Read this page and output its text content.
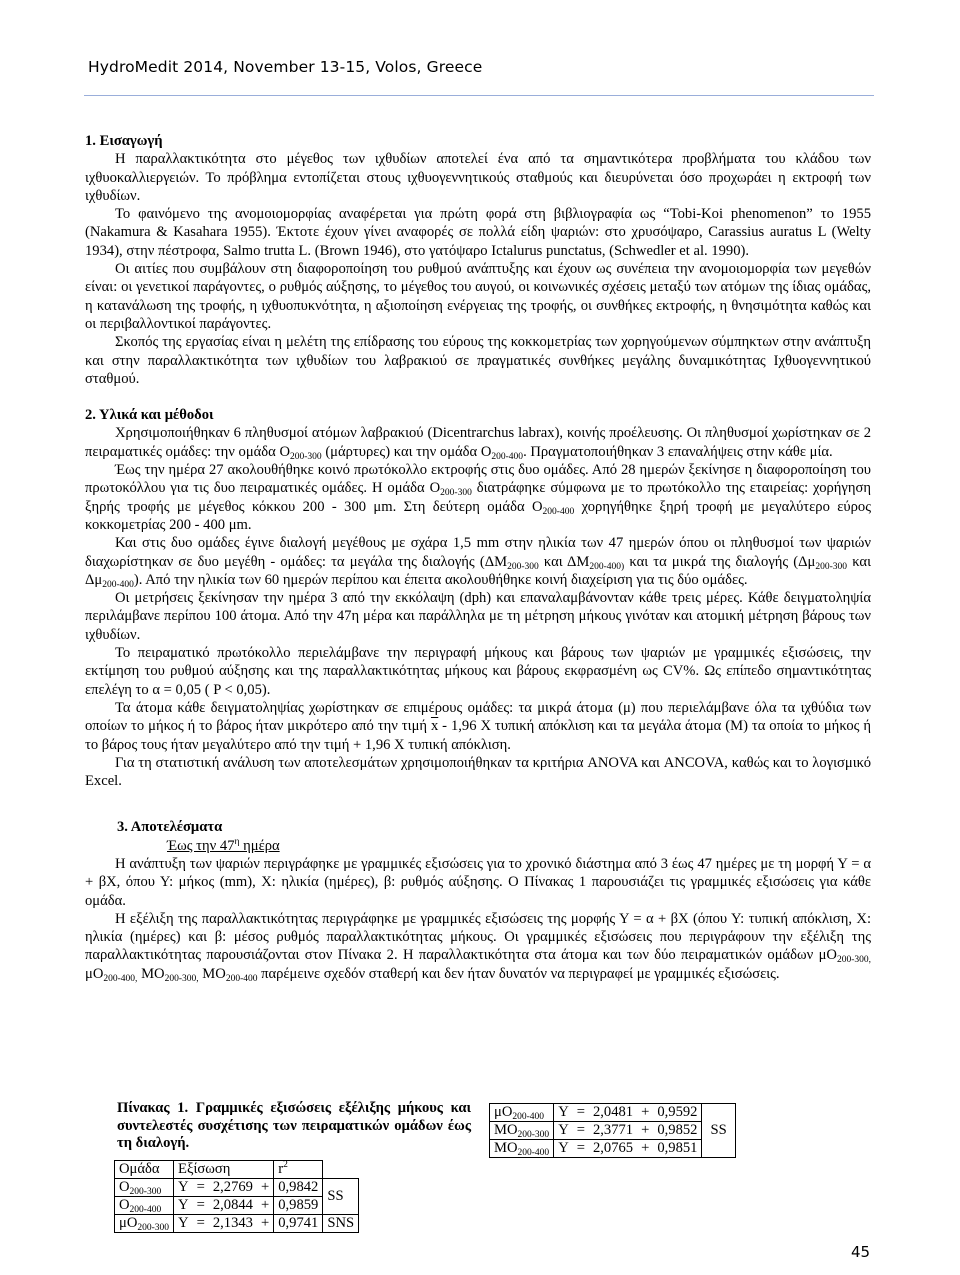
HydroMedit 2014, November 13-15, Volos, Greece

1. Εισαγωγή

Η παραλλακτικότητα στο μέγεθος των ιχθυδίων αποτελεί ένα από τα σημαντικότερα προβλήματα του κλάδου των ιχθυοκαλλιεργειών. Το πρόβλημα εντοπίζεται στους ιχθυογεννητικούς σταθμούς και διευρύνεται όσο προχωράει η εκτροφή των ιχθυδίων.

Το φαινόμενο της ανομοιομορφίας αναφέρεται για πρώτη φορά στη βιβλιογραφία ως “Tobi-Koi phenomenon” το 1955 (Nakamura & Kasahara 1955). Έκτοτε έχουν γίνει αναφορές σε πολλά είδη ψαριών: στο χρυσόψαρο, Carassius auratus L (Welty 1934), στην πέστροφα, Salmo trutta L. (Brown 1946), στο γατόψαρο Ictalurus punctatus, (Schwedler et al. 1990).

Οι αιτίες που συμβάλουν στη διαφοροποίηση του ρυθμού ανάπτυξης και έχουν ως συνέπεια την ανομοιομορφία των μεγεθών είναι: οι γενετικοί παράγοντες, ο ρυθμός αύξησης, το μέγεθος του αυγού, οι κοινωνικές σχέσεις μεταξύ των ατόμων της ίδιας ομάδας, η κατανάλωση της τροφής, η ιχθυοπυκνότητα, η αξιοποίηση ενέργειας της τροφής, οι συνθήκες εκτροφής, η θνησιμότητα καθώς και οι περιβαλλοντικοί παράγοντες.

Σκοπός της εργασίας είναι η μελέτη της επίδρασης του εύρους της κοκκομετρίας των χορηγούμενων σύμπηκτων στην ανάπτυξη και στην παραλλακτικότητα των ιχθυδίων του λαβρακιού σε πραγματικές συνθήκες μεγάλης δυναμικότητας Ιχθυογεννητικού σταθμού.

2. Υλικά και μέθοδοι

Χρησιμοποιήθηκαν 6 πληθυσμοί ατόμων λαβρακιού (Dicentrarchus labrax), κοινής προέλευσης. Οι πληθυσμοί χωρίστηκαν σε 2 πειραματικές ομάδες: την ομάδα $O_{200-300}$ (μάρτυρες) και την ομάδα $O_{200-400}$. Πραγματοποιήθηκαν 3 επαναλήψεις στην κάθε μία.

Έως την ημέρα 27 ακολουθήθηκε κοινό πρωτόκολλο εκτροφής στις δυο ομάδες. Από 28 ημερών ξεκίνησε η διαφοροποίηση του πρωτοκόλλου για τις δυο πειραματικές ομάδες. Η ομάδα $O_{200-300}$ διατράφηκε σύμφωνα με το πρωτόκολλο της εταιρείας: χορήγηση ξηρής τροφής με μέγεθος κόκκου 200 - 300 μm. Στη δεύτερη ομάδα $O_{200-400}$ χορηγήθηκε ξηρή τροφή με μεγαλύτερο εύρος κοκκομετρίας 200 - 400 μm.

Και στις δυο ομάδες έγινε διαλογή μεγέθους με σχάρα 1,5 mm στην ηλικία των 47 ημερών όπου οι πληθυσμοί των ψαριών διαχωρίστηκαν σε δυο μεγέθη - ομάδες: τα μεγάλα της διαλογής ($\Delta M_{200-300}$ και $\Delta M_{200-400)}$ και τα μικρά της διαλογής ($\Delta\mu_{200-300}$ και $\Delta\mu_{200-400}$). Από την ηλικία των 60 ημερών περίπου και έπειτα ακολουθήθηκε κοινή διαχείριση για τις δύο ομάδες.

Οι μετρήσεις ξεκίνησαν την ημέρα 3 από την εκκόλαψη (dph) και επαναλαμβάνονταν κάθε τρεις μέρες. Κάθε δειγματοληψία περιλάμβανε περίπου 100 άτομα. Από την 47η μέρα και παράλληλα με τη μέτρηση μήκους γινόταν και ατομική μέτρηση βάρους των ιχθυδίων.

Το πειραματικό πρωτόκολλο περιελάμβανε την περιγραφή μήκους και βάρους των ψαριών με γραμμικές εξισώσεις, την εκτίμηση του ρυθμού αύξησης και της παραλλακτικότητας μήκους και βάρους εκφρασμένη ως CV%. Ως επίπεδο σημαντικότητας επελέγη το α = 0,05 ( P < 0,05).

Τα άτομα κάθε δειγματοληψίας χωρίστηκαν σε επιμέρους ομάδες: τα μικρά άτομα (μ) που περιελάμβανε όλα τα ιχθύδια των οποίων το μήκος ή το βάρος ήταν μικρότερο από την τιμή $\overline{x} - 1,96$ Χ τυπική απόκλιση και τα μεγάλα άτομα (Μ) τα οποία το μήκος ή το βάρος τους ήταν μεγαλύτερο από την τιμή + 1,96 Χ τυπική απόκλιση.

Για τη στατιστική ανάλυση των αποτελεσμάτων χρησιμοποιήθηκαν τα κριτήρια ANOVA και ANCOVA, καθώς και το λογισμικό Excel.

3. Αποτελέσματα

Έως την $47^\eta$ ημέρα

Η ανάπτυξη των ψαριών περιγράφηκε με γραμμικές εξισώσεις για το χρονικό διάστημα από 3 έως 47 ημέρες με τη μορφή Υ = α + βΧ, όπου Υ: μήκος (mm), Χ: ηλικία (ημέρες), β: ρυθμός αύξησης. Ο Πίνακας 1 παρουσιάζει τις γραμμικές εξισώσεις για κάθε ομάδα.

Η εξέλιξη της παραλλακτικότητας περιγράφηκε με γραμμικές εξισώσεις της μορφής Υ = α + βΧ (όπου Υ: τυπική απόκλιση, Χ: ηλικία (ημέρες) και β: μέσος ρυθμός παραλλακτικότητας μήκους. Οι γραμμικές εξισώσεις που περιγράφουν την εξέλιξη της παραλλακτικότητας παρουσιάζονται στον Πίνακα 2. Η παραλλακτικότητα στα άτομα και των δύο πειραματικών ομάδων $\mu O_{200-300,}$ $\mu O_{200-400,}$ $MO_{200-300,}$ $MO_{200-400}$ παρέμεινε σχεδόν σταθερή και δεν ήταν δυνατόν να περιγραφεί με γραμμικές εξισώσεις.

Πίνακας 1. Γραμμικές εξισώσεις εξέλιξης μήκους και συντελεστές συσχέτισης των πειραματικών ομάδων έως τη διαλογή.
Ομάδα	Εξίσωση				$r^2$	
$O_{200-300}$	Υ	=	2,2769	+	0,9842	SS
$O_{200-400}$	Υ	=	2,0844	+	0,9859	
$\mu O_{200-300}$	Υ	=	2,1343	+	0,9741	SNS
$\mu O_{200-400}$	Υ	=	2,0481	+	0,9592	SS
$MO_{200-300}$	Υ	=	2,3771	+	0,9852	
$MO_{200-400}$	Υ	=	2,0765	+	0,9851	
45
